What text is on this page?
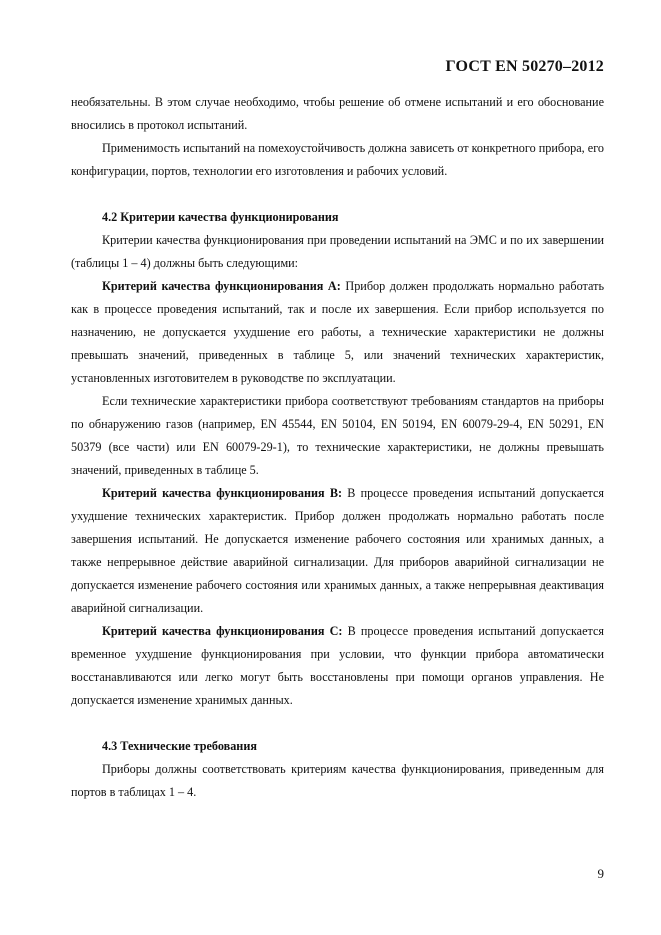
ГОСТ EN 50270–2012

необязательны. В этом случае необходимо, чтобы решение об отмене испытаний и его обоснование вносились в протокол испытаний.

Применимость испытаний на помехоустойчивость должна зависеть от конкретного прибора, его конфигурации, портов, технологии его изготовления и рабочих условий.

4.2 Критерии качества функционирования

Критерии качества функционирования при проведении испытаний на ЭМС и по их завершении (таблицы 1 – 4) должны быть следующими:

Критерий качества функционирования А: Прибор должен продолжать нормально работать как в процессе проведения испытаний, так и после их завершения. Если прибор используется по назначению, не допускается ухудшение его работы, а технические характеристики не должны превышать значений, приведенных в таблице 5, или значений технических характеристик, установленных изготовителем в руководстве по эксплуатации.

Если технические характеристики прибора соответствуют требованиям стандартов на приборы по обнаружению газов (например, EN 45544, EN 50104, EN 50194, EN 60079-29-4, EN 50291, EN 50379 (все части) или EN 60079-29-1), то технические характеристики, не должны превышать значений, приведенных в таблице 5.

Критерий качества функционирования В: В процессе проведения испытаний допускается ухудшение технических характеристик. Прибор должен продолжать нормально работать после завершения испытаний. Не допускается изменение рабочего состояния или хранимых данных, а также непрерывное действие аварийной сигнализации. Для приборов аварийной сигнализации не допускается изменение рабочего состояния или хранимых данных, а также непрерывная деактивация аварийной сигнализации.

Критерий качества функционирования С: В процессе проведения испытаний допускается временное ухудшение функционирования при условии, что функции прибора автоматически восстанавливаются или легко могут быть восстановлены при помощи органов управления. Не допускается изменение хранимых данных.

4.3 Технические требования

Приборы должны соответствовать критериям качества функционирования, приведенным для портов в таблицах 1 – 4.

9
